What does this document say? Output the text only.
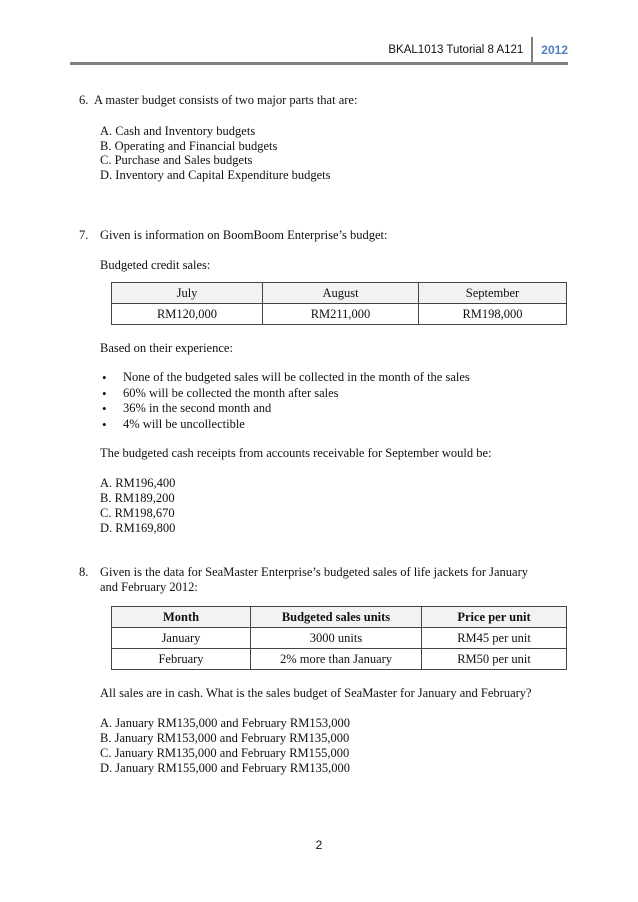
BKAL1013 Tutorial 8 A121	2012
6. A master budget consists of two major parts that are:
A. Cash and Inventory budgets
B. Operating and Financial budgets
C. Purchase and Sales budgets
D. Inventory and Capital Expenditure budgets
7. Given is information on BoomBoom Enterprise’s budget:
Budgeted credit sales:
July	August	September
RM120,000	RM211,000	RM198,000
Based on their experience:
• None of the budgeted sales will be collected in the month of the sales
• 60% will be collected the month after sales
• 36% in the second month and
• 4% will be uncollectible
The budgeted cash receipts from accounts receivable for September would be:
A. RM196,400
B. RM189,200
C. RM198,670
D. RM169,800
8. Given is the data for SeaMaster Enterprise’s budgeted sales of life jackets for January
and February 2012:
Month	Budgeted sales units	Price per unit
January	3000 units	RM45 per unit
February	2% more than January	RM50 per unit
All sales are in cash. What is the sales budget of SeaMaster for January and February?
A. January RM135,000 and February RM153,000
B. January RM153,000 and February RM135,000
C. January RM135,000 and February RM155,000
D. January RM155,000 and February RM135,000
2
